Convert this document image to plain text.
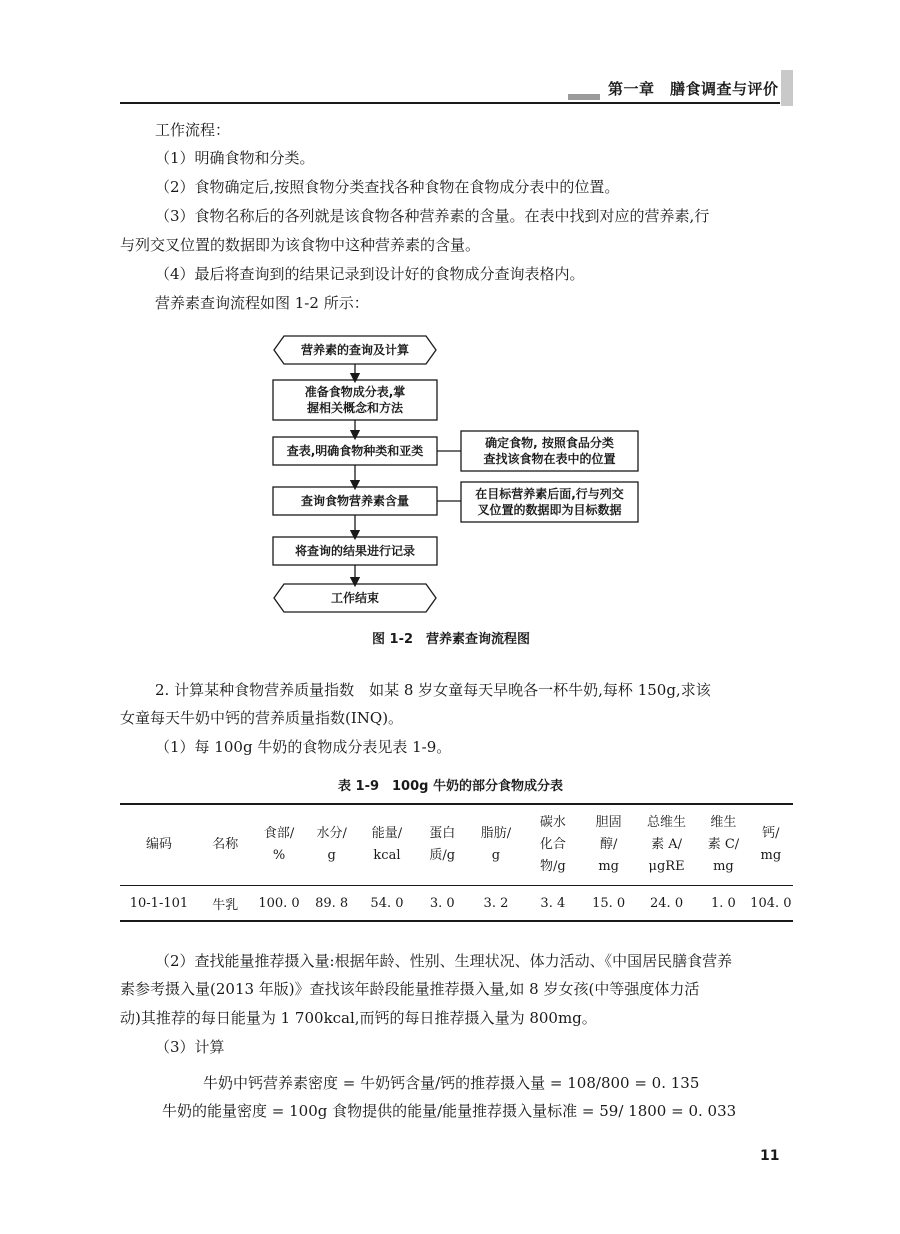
第一章　膳食调查与评价
工作流程：
（1）明确食物和分类。
（2）食物确定后,按照食物分类查找各种食物在食物成分表中的位置。
（3）食物名称后的各列就是该食物各种营养素的含量。在表中找到对应的营养素,行
与列交叉位置的数据即为该食物中这种营养素的含量。
（4）最后将查询到的结果记录到设计好的食物成分查询表格内。
营养素查询流程如图 1-2 所示：
营养素的查询及计算
准备食物成分表,掌
握相关概念和方法
查表,明确食物种类和亚类
确定食物, 按照食品分类
查找该食物在表中的位置
查询食物营养素含量	在目标营养素后面,行与列交
叉位置的数据即为目标数据
将查询的结果进行记录
工作结束
图 1-2　营养素查询流程图
2. 计算某种食物营养质量指数　如某 8 岁女童每天早晚各一杯牛奶,每杯 150g,求该
女童每天牛奶中钙的营养质量指数(INQ)。
（1）每 100g 牛奶的食物成分表见表 1-9。
表 1-9　100g 牛奶的部分食物成分表
编码	名称	食部/
%	水分/
g	能量/
kcal	蛋白
质/g	脂肪/
g	碳水
化合
物/g	胆固
醇/
mg	总维生
素 A/
μgRE	维生
素 C/
mg	钙/
mg
10-1-101	牛乳	100. 0	89. 8	54. 0	3. 0	3. 2	3. 4	15. 0	24. 0	1. 0	104. 0
（2）查找能量推荐摄入量:根据年龄、性别、生理状况、体力活动、《中国居民膳食营养
素参考摄入量(2013 年版)》查找该年龄段能量推荐摄入量,如 8 岁女孩(中等强度体力活
动)其推荐的每日能量为 1 700kcal,而钙的每日推荐摄入量为 800mg。
（3）计算
牛奶中钙营养素密度 = 牛奶钙含量/钙的推荐摄入量 = 108/800 = 0. 135
牛奶的能量密度 = 100g 食物提供的能量/能量推荐摄入量标准 = 59/ 1800 = 0. 033
11
